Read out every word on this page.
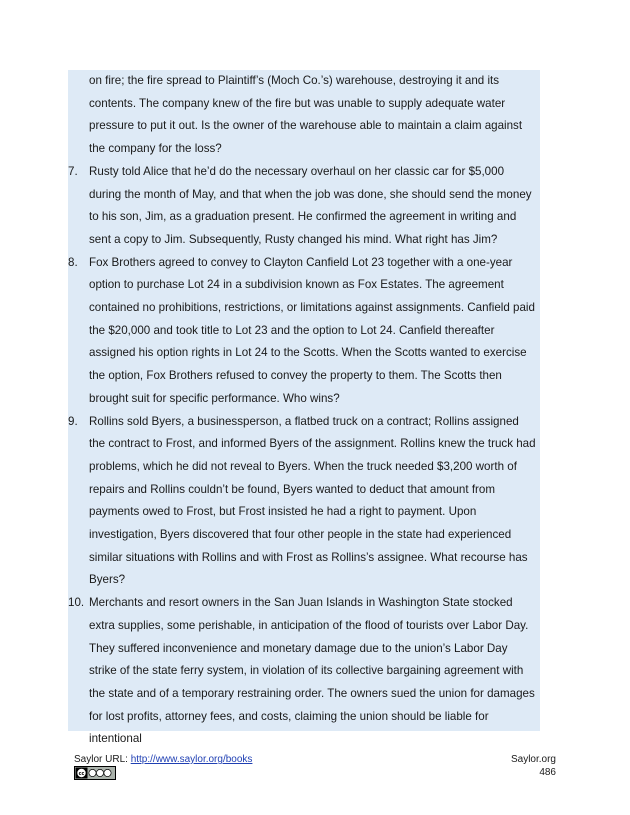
on fire; the fire spread to Plaintiff’s (Moch Co.’s) warehouse, destroying it and its contents. The company knew of the fire but was unable to supply adequate water pressure to put it out. Is the owner of the warehouse able to maintain a claim against the company for the loss?

7. Rusty told Alice that he’d do the necessary overhaul on her classic car for $5,000 during the month of May, and that when the job was done, she should send the money to his son, Jim, as a graduation present. He confirmed the agreement in writing and sent a copy to Jim. Subsequently, Rusty changed his mind. What right has Jim?
8. Fox Brothers agreed to convey to Clayton Canfield Lot 23 together with a one-year option to purchase Lot 24 in a subdivision known as Fox Estates. The agreement contained no prohibitions, restrictions, or limitations against assignments. Canfield paid the $20,000 and took title to Lot 23 and the option to Lot 24. Canfield thereafter assigned his option rights in Lot 24 to the Scotts. When the Scotts wanted to exercise the option, Fox Brothers refused to convey the property to them. The Scotts then brought suit for specific performance. Who wins?
9. Rollins sold Byers, a businessperson, a flatbed truck on a contract; Rollins assigned the contract to Frost, and informed Byers of the assignment. Rollins knew the truck had problems, which he did not reveal to Byers. When the truck needed $3,200 worth of repairs and Rollins couldn’t be found, Byers wanted to deduct that amount from payments owed to Frost, but Frost insisted he had a right to payment. Upon investigation, Byers discovered that four other people in the state had experienced similar situations with Rollins and with Frost as Rollins’s assignee. What recourse has Byers?
10. Merchants and resort owners in the San Juan Islands in Washington State stocked extra supplies, some perishable, in anticipation of the flood of tourists over Labor Day. They suffered inconvenience and monetary damage due to the union’s Labor Day strike of the state ferry system, in violation of its collective bargaining agreement with the state and of a temporary restraining order. The owners sued the union for damages for lost profits, attorney fees, and costs, claiming the union should be liable for intentional
Saylor URL: http://www.saylor.org/books
cc
Saylor.org
486
